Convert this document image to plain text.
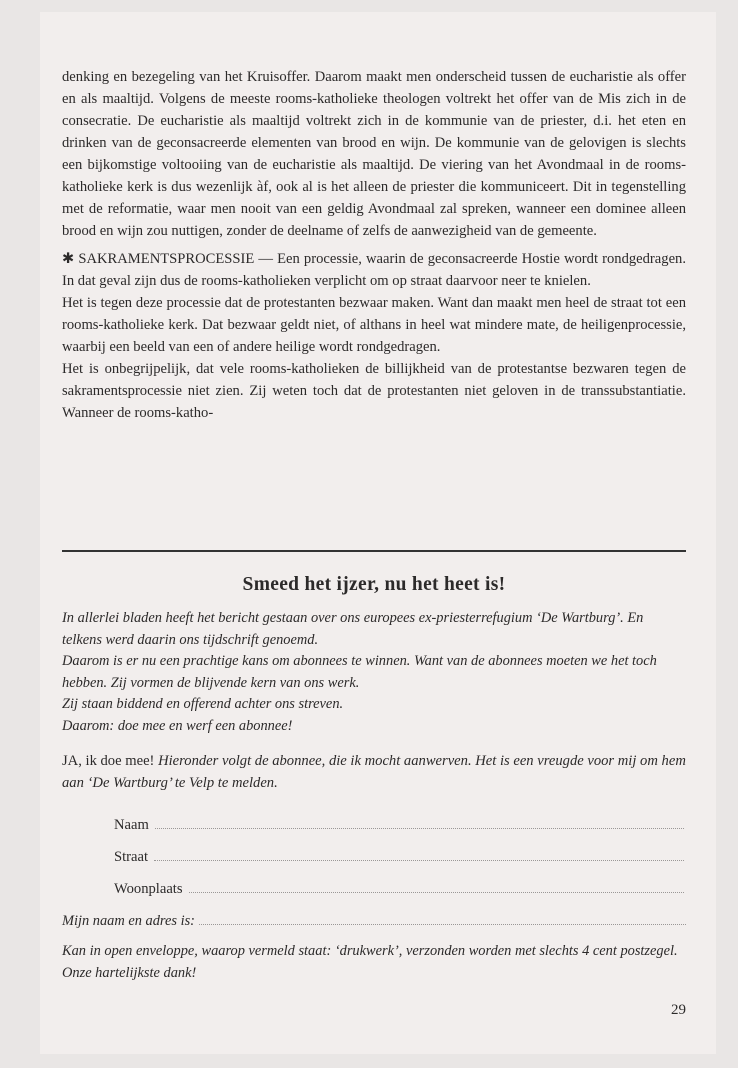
denking en bezegeling van het Kruisoffer. Daarom maakt men onderscheid tussen de eucharistie als offer en als maaltijd. Volgens de meeste rooms-katholieke theologen voltrekt het offer van de Mis zich in de consecratie. De eucharistie als maaltijd voltrekt zich in de kommunie van de priester, d.i. het eten en drinken van de geconsacreerde elementen van brood en wijn. De kommunie van de gelovigen is slechts een bijkomstige voltooiing van de eucharistie als maaltijd. De viering van het Avondmaal in de rooms-katholieke kerk is dus wezenlijk àf, ook al is het alleen de priester die kommuniceert. Dit in tegenstelling met de reformatie, waar men nooit van een geldig Avondmaal zal spreken, wanneer een dominee alleen brood en wijn zou nuttigen, zonder de deelname of zelfs de aanwezigheid van de gemeente.

✱ SAKRAMENTSPROCESSIE — Een processie, waarin de geconsacreerde Hostie wordt rondgedragen. In dat geval zijn dus de rooms-katholieken verplicht om op straat daarvoor neer te knielen.

Het is tegen deze processie dat de protestanten bezwaar maken. Want dan maakt men heel de straat tot een rooms-katholieke kerk. Dat bezwaar geldt niet, of althans in heel wat mindere mate, de heiligenprocessie, waarbij een beeld van een of andere heilige wordt rondgedragen.

Het is onbegrijpelijk, dat vele rooms-katholieken de billijkheid van de protestantse bezwaren tegen de sakramentsprocessie niet zien. Zij weten toch dat de protestanten niet geloven in de transsubstantiatie. Wanneer de rooms-katho-

Smeed het ijzer, nu het heet is!

In allerlei bladen heeft het bericht gestaan over ons europees ex-priesterrefugium ‘De Wartburg’. En telkens werd daarin ons tijdschrift genoemd.

Daarom is er nu een prachtige kans om abonnees te winnen. Want van de abonnees moeten we het toch hebben. Zij vormen de blijvende kern van ons werk.

Zij staan biddend en offerend achter ons streven.

Daarom: doe mee en werf een abonnee!

JA, ik doe mee! Hieronder volgt de abonnee, die ik mocht aanwerven. Het is een vreugde voor mij om hem aan ‘De Wartburg’ te Velp te melden.
Naam
Straat
Woonplaats
Mijn naam en adres is:

Kan in open enveloppe, waarop vermeld staat: ‘drukwerk’, verzonden worden met slechts 4 cent postzegel.

Onze hartelijkste dank!

29
